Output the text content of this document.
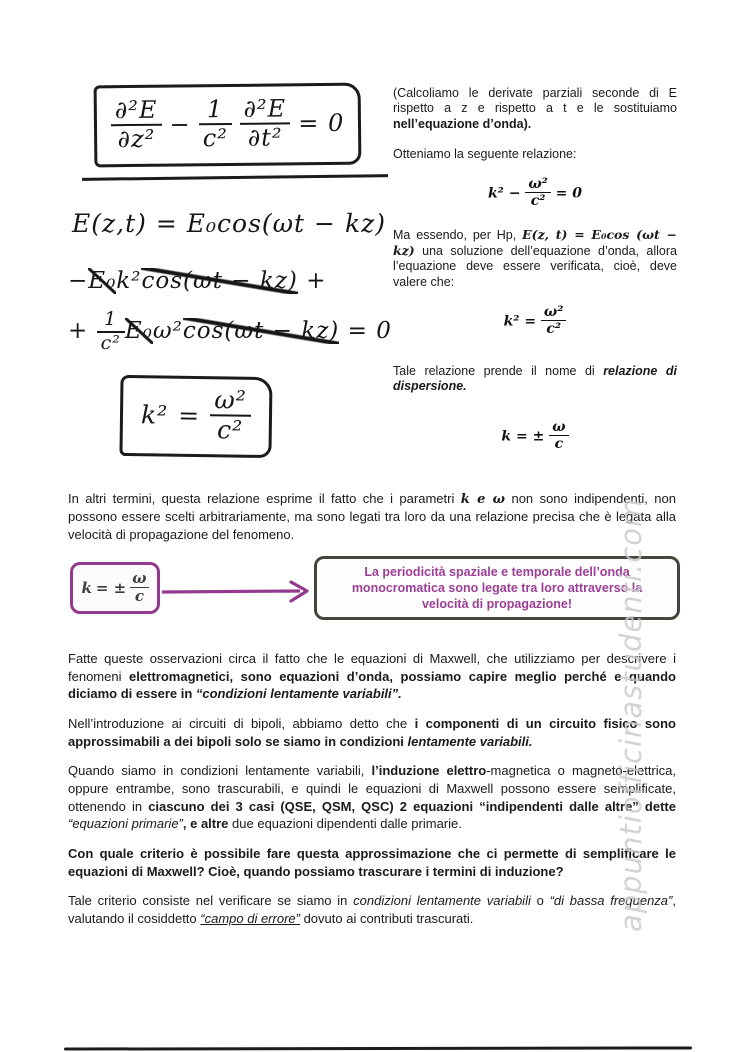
$\frac{\text{∂²E}}{\text{∂z²}} - \frac{1}{\text{c²}} \frac{\text{∂²E}}{\text{∂t²}} = 0$
E(z,t) = E₀cos(ωt − kz)
−E₀k²cos(ωt − kz) +
+ $\frac{1}{\text{c²}} E_0\omega^2\cos(\omega t - kz) = 0$
$k^2 = \frac{\text{ω²}}{\text{c²}}$

(Calcoliamo le derivate parziali seconde di E rispetto a z e rispetto a t e le sostituiamo nell’equazione d’onda).

Otteniamo la seguente relazione:

$k^2 - \frac{\text{ω²}}{\text{c²}} = 0$

Ma essendo, per Hp, E(z, t) = E₀cos (ωt − kz) una soluzione dell’equazione d’onda, allora l’equazione deve essere verificata, cioè, deve valere che:

$k^2 = \frac{\text{ω²}}{\text{c²}}$

Tale relazione prende il nome di relazione di dispersione.

k = ± $\frac{\omega}{c}$
In altri termini, questa relazione esprime il fatto che i parametri k e ω non sono indipendenti, non possono essere scelti arbitrariamente, ma sono legati tra loro da una relazione precisa che è legata alla velocità di propagazione del fenomeno.
k = ± $\frac{\omega}{c}$	La periodicità spaziale e temporale dell’onda monocromatica sono legate tra loro attraverso la velocità di propagazione!

Fatte queste osservazioni circa il fatto che le equazioni di Maxwell, che utilizziamo per descrivere i fenomeni elettromagnetici, sono equazioni d’onda, possiamo capire meglio perché e quando diciamo di essere in “condizioni lentamente variabili”.

Nell’introduzione ai circuiti di bipoli, abbiamo detto che i componenti di un circuito fisico sono approssimabili a dei bipoli solo se siamo in condizioni lentamente variabili.

Quando siamo in condizioni lentamente variabili, l’induzione elettro-magnetica o magneto-elettrica, oppure entrambe, sono trascurabili, e quindi le equazioni di Maxwell possono essere semplificate, ottenendo in ciascuno dei 3 casi (QSE, QSM, QSC) 2 equazioni “indipendenti dalle altre” dette “equazioni primarie”, e altre due equazioni dipendenti dalle primarie.

Con quale criterio è possibile fare questa approssimazione che ci permette di semplificare le equazioni di Maxwell? Cioè, quando possiamo trascurare i termini di induzione?

Tale criterio consiste nel verificare se siamo in condizioni lentamente variabili o “di bassa frequenza”, valutando il cosiddetto “campo di errore” dovuto ai contributi trascurati.	appuntiofficinastudenti.com
